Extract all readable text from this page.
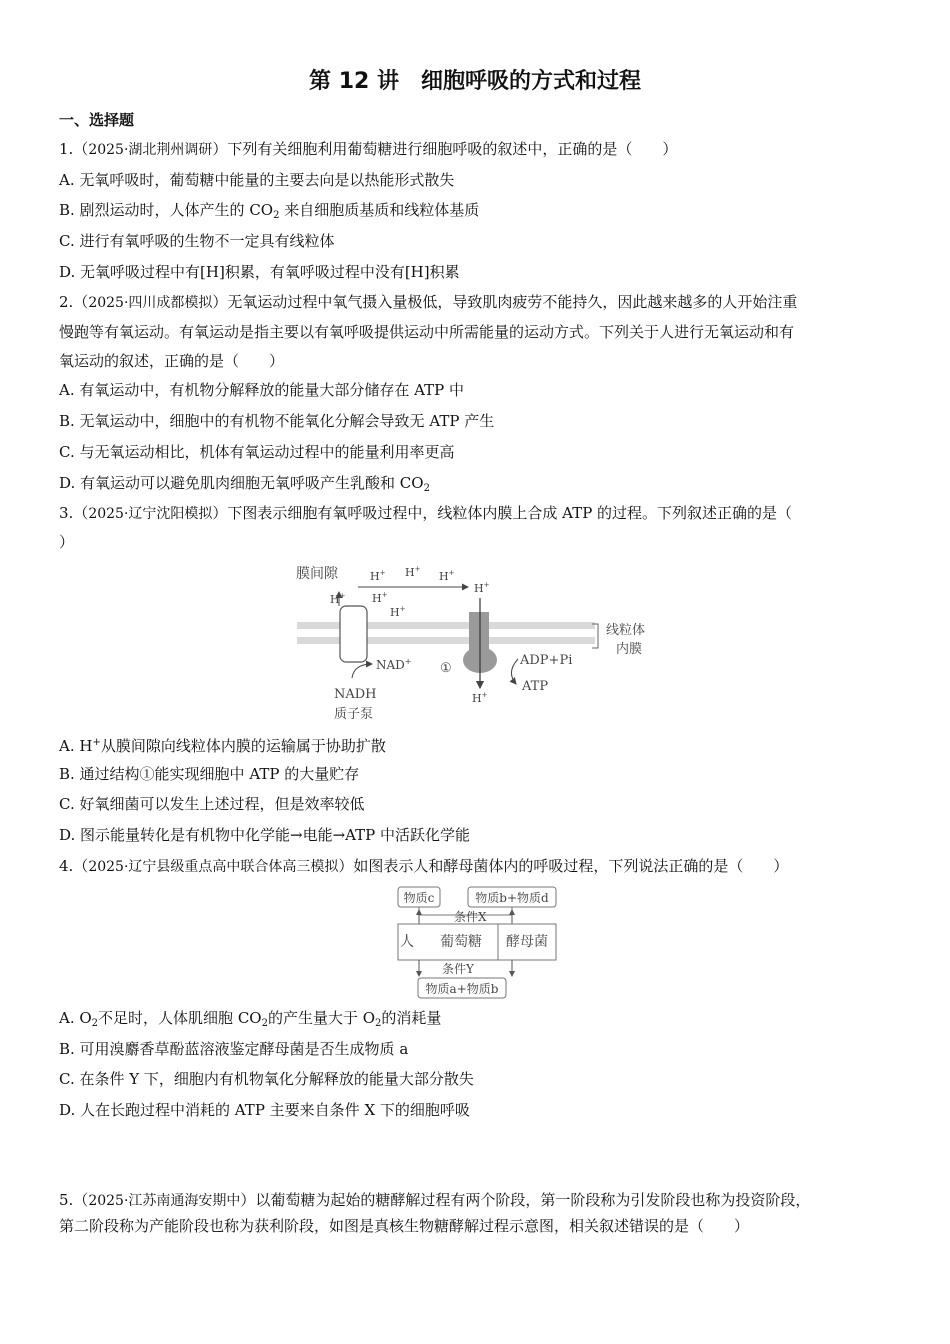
第 12 讲　细胞呼吸的方式和过程
一、选择题
1.（2025·湖北荆州调研）下列有关细胞利用葡萄糖进行细胞呼吸的叙述中，正确的是（　　）
A. 无氧呼吸时，葡萄糖中能量的主要去向是以热能形式散失
B. 剧烈运动时，人体产生的 $CO_2$ 来自细胞质基质和线粒体基质
C. 进行有氧呼吸的生物不一定具有线粒体
D. 无氧呼吸过程中有[H]积累，有氧呼吸过程中没有[H]积累
2.（2025·四川成都模拟）无氧运动过程中氧气摄入量极低，导致肌肉疲劳不能持久，因此越来越多的人开始注重
慢跑等有氧运动。有氧运动是指主要以有氧呼吸提供运动中所需能量的运动方式。下列关于人进行无氧运动和有
氧运动的叙述，正确的是（　　）
A. 有氧运动中，有机物分解释放的能量大部分储存在 ATP 中
B. 无氧运动中，细胞中的有机物不能氧化分解会导致无 ATP 产生
C. 与无氧运动相比，机体有氧运动过程中的能量利用率更高
D. 有氧运动可以避免肌肉细胞无氧呼吸产生乳酸和 $CO_2$
3.（2025·辽宁沈阳模拟）下图表示细胞有氧呼吸过程中，线粒体内膜上合成 ATP 的过程。下列叙述正确的是（
）
线粒体
内膜
膜间隙
H+ H+
H+ H+
H+
H+
H+
NAD+
NADH
质子泵
H+
①
ADP+Pi
ATP
A. H+从膜间隙向线粒体内膜的运输属于协助扩散
B. 通过结构①能实现细胞中 ATP 的大量贮存
C. 好氧细菌可以发生上述过程，但是效率较低
D. 图示能量转化是有机物中化学能→电能→ATP 中活跃化学能
4.（2025·辽宁县级重点高中联合体高三模拟）如图表示人和酵母菌体内的呼吸过程，下列说法正确的是（　　）
物质c	物质b+物质d
条件X
人 葡萄糖 酵母菌
条件Y
物质a+物质b
A. $O_2$不足时，人体肌细胞 $CO_2$的产生量大于 $O_2$的消耗量
B. 可用溴麝香草酚蓝溶液鉴定酵母菌是否生成物质 a
C. 在条件 Y 下，细胞内有机物氧化分解释放的能量大部分散失
D. 人在长跑过程中消耗的 ATP 主要来自条件 X 下的细胞呼吸
5.（2025·江苏南通海安期中）以葡萄糖为起始的糖酵解过程有两个阶段，第一阶段称为引发阶段也称为投资阶段，
第二阶段称为产能阶段也称为获利阶段，如图是真核生物糖酵解过程示意图，相关叙述错误的是（　　）
